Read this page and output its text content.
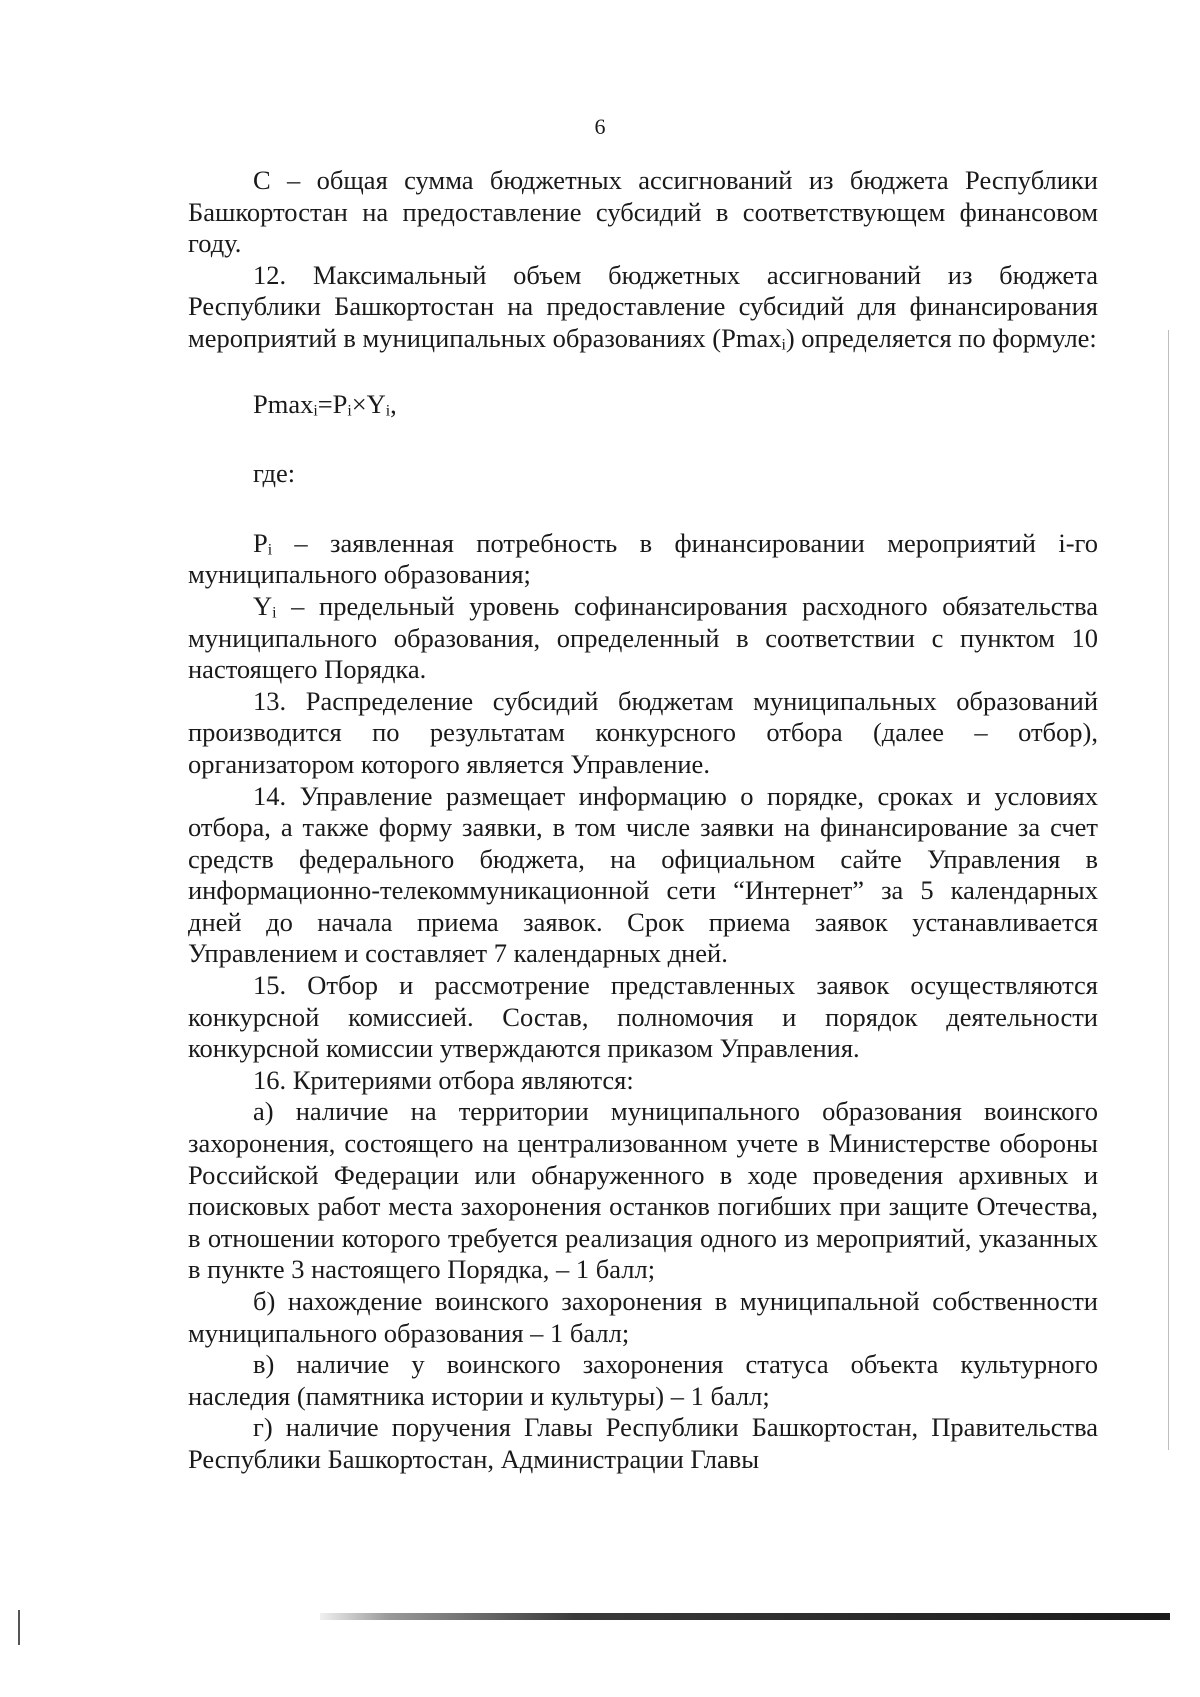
6

С – общая сумма бюджетных ассигнований из бюджета Республики Башкортостан на предоставление субсидий в соответствующем финансовом году.

12. Максимальный объем бюджетных ассигнований из бюджета Республики Башкортостан на предоставление субсидий для финансирования мероприятий в муниципальных образованиях (Pmaxᵢ) определяется по формуле:

Pmaxᵢ=Pᵢ×Yᵢ,

где:

Pᵢ – заявленная потребность в финансировании мероприятий i-го муниципального образования;

Yᵢ – предельный уровень софинансирования расходного обязательства муниципального образования, определенный в соответствии с пунктом 10 настоящего Порядка.

13. Распределение субсидий бюджетам муниципальных образований производится по результатам конкурсного отбора (далее – отбор), организатором которого является Управление.

14. Управление размещает информацию о порядке, сроках и условиях отбора, а также форму заявки, в том числе заявки на финансирование за счет средств федерального бюджета, на официальном сайте Управления в информационно-телекоммуникационной сети “Интернет” за 5 календарных дней до начала приема заявок. Срок приема заявок устанавливается Управлением и составляет 7 календарных дней.

15. Отбор и рассмотрение представленных заявок осуществляются конкурсной комиссией. Состав, полномочия и порядок деятельности конкурсной комиссии утверждаются приказом Управления.

16. Критериями отбора являются:

а) наличие на территории муниципального образования воинского захоронения, состоящего на централизованном учете в Министерстве обороны Российской Федерации или обнаруженного в ходе проведения архивных и поисковых работ места захоронения останков погибших при защите Отечества, в отношении которого требуется реализация одного из мероприятий, указанных в пункте 3 настоящего Порядка, – 1 балл;

б) нахождение воинского захоронения в муниципальной собственности муниципального образования – 1 балл;

в) наличие у воинского захоронения статуса объекта культурного наследия (памятника истории и культуры) – 1 балл;

г) наличие поручения Главы Республики Башкортостан, Правительства Республики Башкортостан, Администрации Главы
